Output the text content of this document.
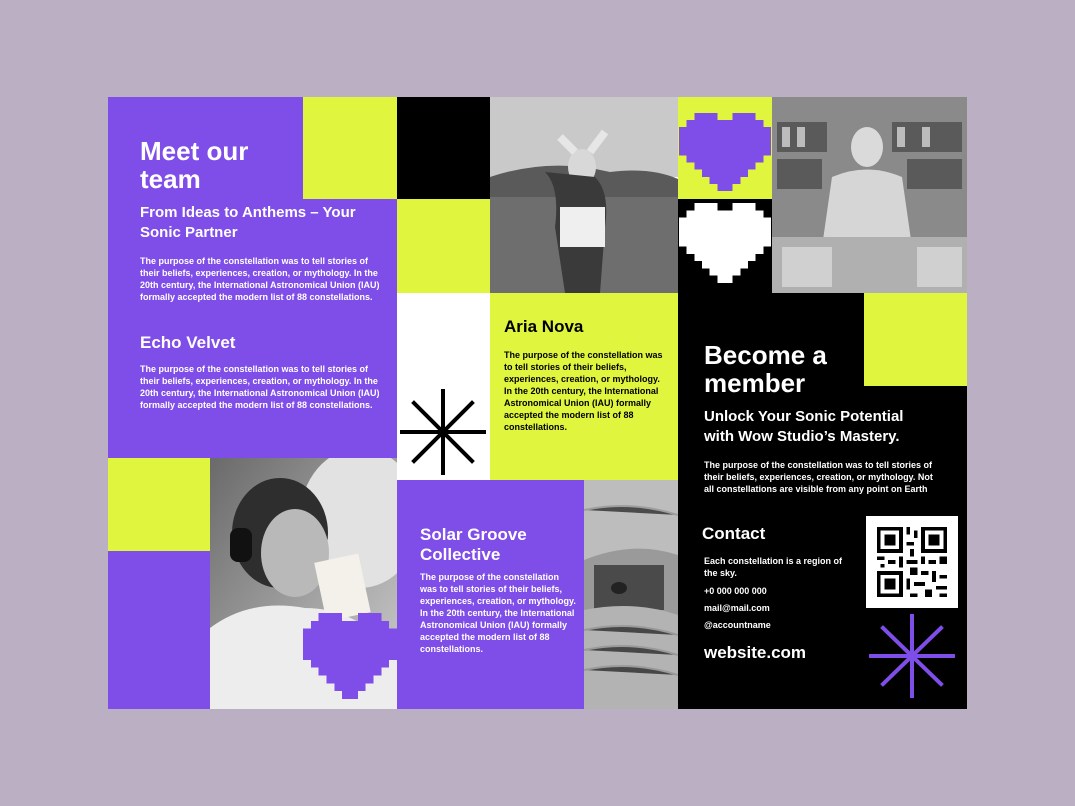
Meet our team

From Ideas to Anthems – Your Sonic Partner

The purpose of the constellation was to tell stories of their beliefs, experiences, creation, or mythology. In the 20th century, the International Astronomical Union (IAU) formally accepted the modern list of 88 constellations.

Echo Velvet

The purpose of the constellation was to tell stories of their beliefs, experiences, creation, or mythology. In the 20th century, the International Astronomical Union (IAU) formally accepted the modern list of 88 constellations.

Aria Nova

The purpose of the constellation was to tell stories of their beliefs, experiences, creation, or mythology. In the 20th century, the International Astronomical Union (IAU) formally accepted the modern list of 88 constellations.

Solar Groove Collective

The purpose of the constellation was to tell stories of their beliefs, experiences, creation, or mythology. In the 20th century, the International Astronomical Union (IAU) formally accepted the modern list of 88 constellations.

Become a member

Unlock Your Sonic Potential with Wow Studio’s Mastery.

The purpose of the constellation was to tell stories of their beliefs, experiences, creation, or mythology. Not all constellations are visible from any point on Earth

Contact

Each constellation is a region of the sky.

+0 000 000 000

mail@mail.com

@accountname

website.com
